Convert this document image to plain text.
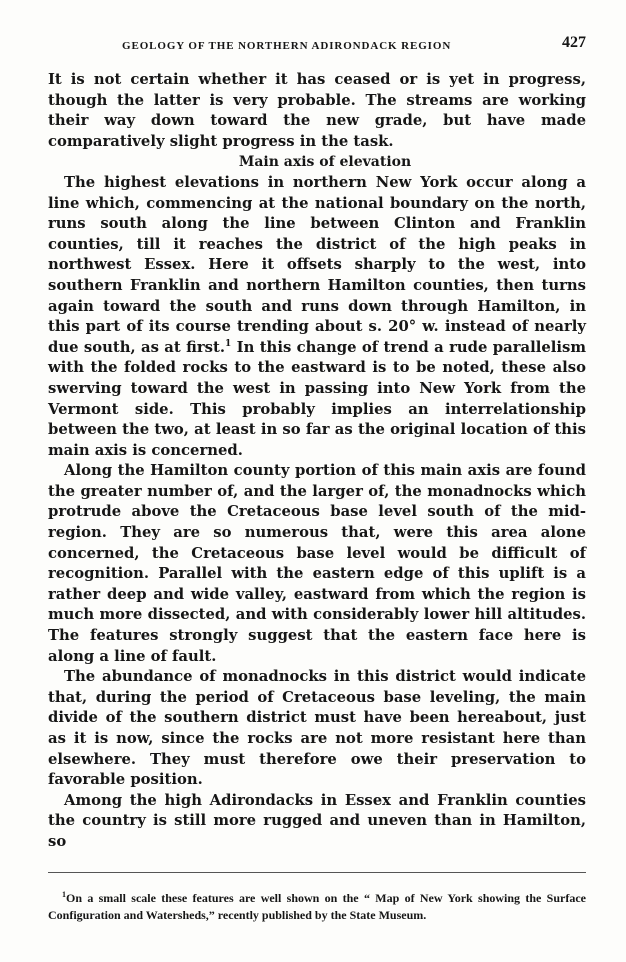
GEOLOGY OF THE NORTHERN ADIRONDACK REGION	427

It is not certain whether it has ceased or is yet in progress, though the latter is very probable. The streams are working their way down toward the new grade, but have made comparatively slight progress in the task.

Main axis of elevation

The highest elevations in northern New York occur along a line which, commencing at the national boundary on the north, runs south along the line between Clinton and Franklin counties, till it reaches the district of the high peaks in northwest Essex. Here it offsets sharply to the west, into southern Franklin and northern Hamilton counties, then turns again toward the south and runs down through Hamilton, in this part of its course trending about s. 20° w. instead of nearly due south, as at first.$^1$ In this change of trend a rude parallelism with the folded rocks to the eastward is to be noted, these also swerving toward the west in passing into New York from the Vermont side. This probably implies an interrelationship between the two, at least in so far as the original location of this main axis is concerned.

Along the Hamilton county portion of this main axis are found the greater number of, and the larger of, the monadnocks which protrude above the Cretaceous base level south of the mid-region. They are so numerous that, were this area alone concerned, the Cretaceous base level would be difficult of recognition. Parallel with the eastern edge of this uplift is a rather deep and wide valley, eastward from which the region is much more dissected, and with considerably lower hill altitudes. The features strongly suggest that the eastern face here is along a line of fault.

The abundance of monadnocks in this district would indicate that, during the period of Cretaceous base leveling, the main divide of the southern district must have been hereabout, just as it is now, since the rocks are not more resistant here than elsewhere. They must therefore owe their preservation to favorable position.

Among the high Adirondacks in Essex and Franklin counties the country is still more rugged and uneven than in Hamilton, so

$^1$On a small scale these features are well shown on the “ Map of New York showing the Surface Configuration and Watersheds,” recently published by the State Museum.
